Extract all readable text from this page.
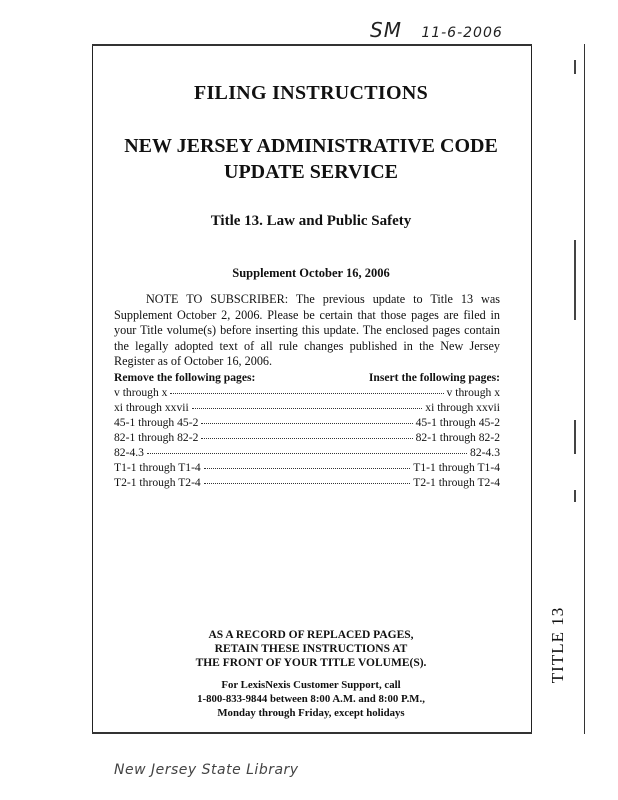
SM 11-6-2006
TITLE 13
FILING INSTRUCTIONS
NEW JERSEY ADMINISTRATIVE CODE
UPDATE SERVICE
Title 13. Law and Public Safety
Supplement October 16, 2006
NOTE TO SUBSCRIBER: The previous update to Title 13 was Supplement October 2, 2006. Please be certain that those pages are filed in your Title volume(s) before inserting this update. The enclosed pages contain the legally adopted text of all rule changes published in the New Jersey Register as of October 16, 2006.
Remove the following pages:	Insert the following pages:
v through x	v through x
xi through xxvii	xi through xxvii
45-1 through 45-2	45-1 through 45-2
82-1 through 82-2	82-1 through 82-2
82-4.3	82-4.3
T1-1 through T1-4	T1-1 through T1-4
T2-1 through T2-4	T2-1 through T2-4
AS A RECORD OF REPLACED PAGES,
RETAIN THESE INSTRUCTIONS AT
THE FRONT OF YOUR TITLE VOLUME(S).
For LexisNexis Customer Support, call
1-800-833-9844 between 8:00 A.M. and 8:00 P.M.,
Monday through Friday, except holidays
New Jersey State Library
